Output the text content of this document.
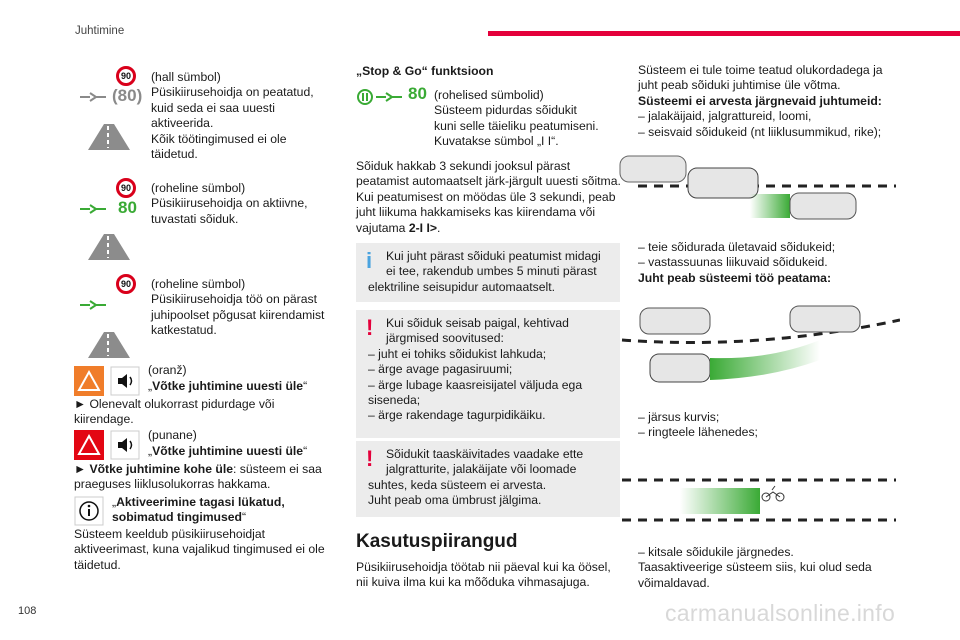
Juhtimine
108	carmanualsonline.info
90
(80)
(hall sümbol)
Püsikiirusehoidja on peatatud,
kuid seda ei saa uuesti
aktiveerida.
Kõik töötingimused ei ole
täidetud.
90
80
(roheline sümbol)
Püsikiirusehoidja on aktiivne,
tuvastati sõiduk.
90	(roheline sümbol)
Püsikiirusehoidja töö on pärast
juhipoolset põgusat kiirendamist
katkestatud.
(oranž)
„Võtke juhtimine uuesti üle“
► Olenevalt olukorrast pidurdage või
kiirendage.
(punane)
„Võtke juhtimine uuesti üle“
► Võtke juhtimine kohe üle: süsteem ei saa
praeguses liiklusolukorras hakkama.
„Aktiveerimine tagasi lükatud,
sobimatud tingimused“
Süsteem keeldub püsikiirusehoidjat
aktiveerimast, kuna vajalikud tingimused ei ole
täidetud.
„Stop & Go“ funktsioon
80 (rohelised sümbolid)
Süsteem pidurdas sõidukit
kuni selle täieliku peatumiseni.
Kuvatakse sümbol „I I“.
Sõiduk hakkab 3 sekundi jooksul pärast
peatamist automaatselt järk-järgult uuesti sõitma.
Kui peatumisest on möödas üle 3 sekundi, peab
juht liikuma hakkamiseks kas kiirendama või
vajutama 2-I I>.
i	Kui juht pärast sõiduki peatumist midagi
ei tee, rakendub umbes 5 minuti pärast
elektriline seisupidur automaatselt.
!	Kui sõiduk seisab paigal, kehtivad
järgmised soovitused:
– juht ei tohiks sõidukist lahkuda;
– ärge avage pagasiruumi;
– ärge lubage kaasreisijatel väljuda ega
siseneda;
– ärge rakendage tagurpidikäiku.
!	Sõidukit taaskäivitades vaadake ette
jalgratturite, jalakäijate või loomade
suhtes, keda süsteem ei arvesta.
Juht peab oma ümbrust jälgima.
Kasutuspiirangud
Püsikiirusehoidja töötab nii päeval kui ka öösel,
nii kuiva ilma kui ka mõõduka vihmasajuga.
Süsteem ei tule toime teatud olukordadega ja
juht peab sõiduki juhtimise üle võtma.
Süsteemi ei arvesta järgnevaid juhtumeid:
– jalakäijaid, jalgrattureid, loomi,
– seisvaid sõidukeid (nt liiklusummikud, rike);
– teie sõidurada ületavaid sõidukeid;
– vastassuunas liikuvaid sõidukeid.
Juht peab süsteemi töö peatama:
– järsus kurvis;
– ringteele lähenedes;
– kitsale sõidukile järgnedes.
Taasaktiveerige süsteem siis, kui olud seda
võimaldavad.
